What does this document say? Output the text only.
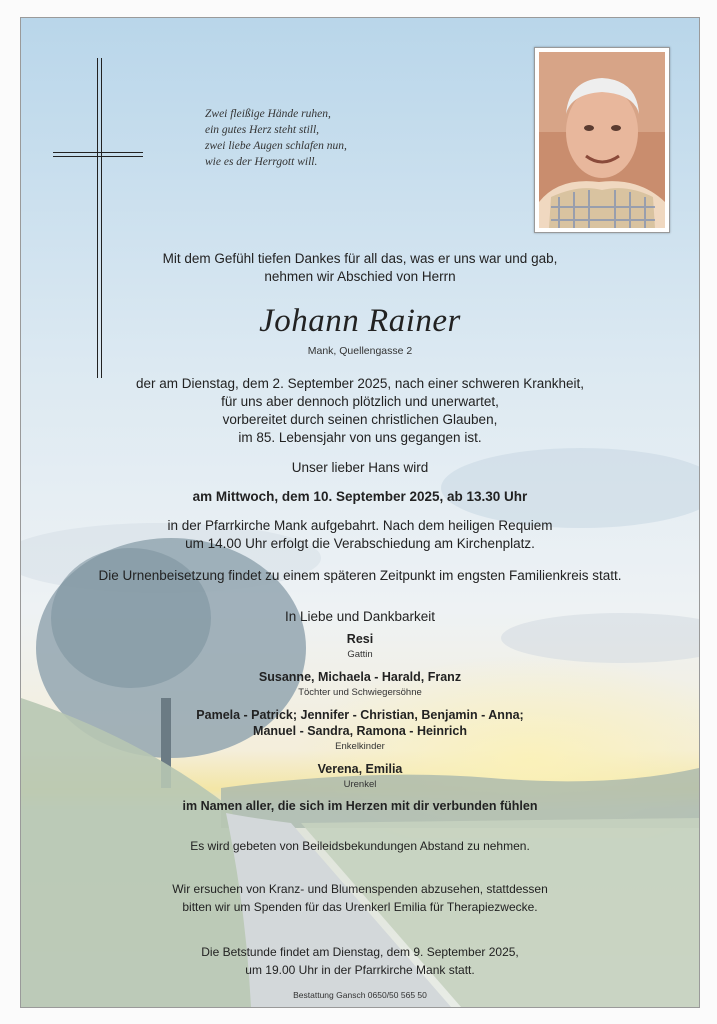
Zwei fleißige Hände ruhen,
ein gutes Herz steht still,
zwei liebe Augen schlafen nun,
wie es der Herrgott will.
Mit dem Gefühl tiefen Dankes für all das, was er uns war und gab,
nehmen wir Abschied von Herrn
Johann Rainer
Mank, Quellengasse 2
der am Dienstag, dem 2. September 2025, nach einer schweren Krankheit,
für uns aber dennoch plötzlich und unerwartet,
vorbereitet durch seinen christlichen Glauben,
im 85. Lebensjahr von uns gegangen ist.
Unser lieber Hans wird
am Mittwoch, dem 10. September 2025, ab 13.30 Uhr
in der Pfarrkirche Mank aufgebahrt. Nach dem heiligen Requiem
um 14.00 Uhr erfolgt die Verabschiedung am Kirchenplatz.
Die Urnenbeisetzung findet zu einem späteren Zeitpunkt im engsten Familienkreis statt.
In Liebe und Dankbarkeit
Resi
Gattin
Susanne, Michaela - Harald, Franz
Töchter und Schwiegersöhne
Pamela - Patrick; Jennifer - Christian, Benjamin - Anna;
Manuel - Sandra, Ramona - Heinrich
Enkelkinder
Verena, Emilia
Urenkel
im Namen aller, die sich im Herzen mit dir verbunden fühlen
Es wird gebeten von Beileidsbekundungen Abstand zu nehmen.
Wir ersuchen von Kranz- und Blumenspenden abzusehen, stattdessen
bitten wir um Spenden für das Urenkerl Emilia für Therapiezwecke.
Die Betstunde findet am Dienstag, dem 9. September 2025,
um 19.00 Uhr in der Pfarrkirche Mank statt.
Bestattung Gansch 0650/50 565 50
